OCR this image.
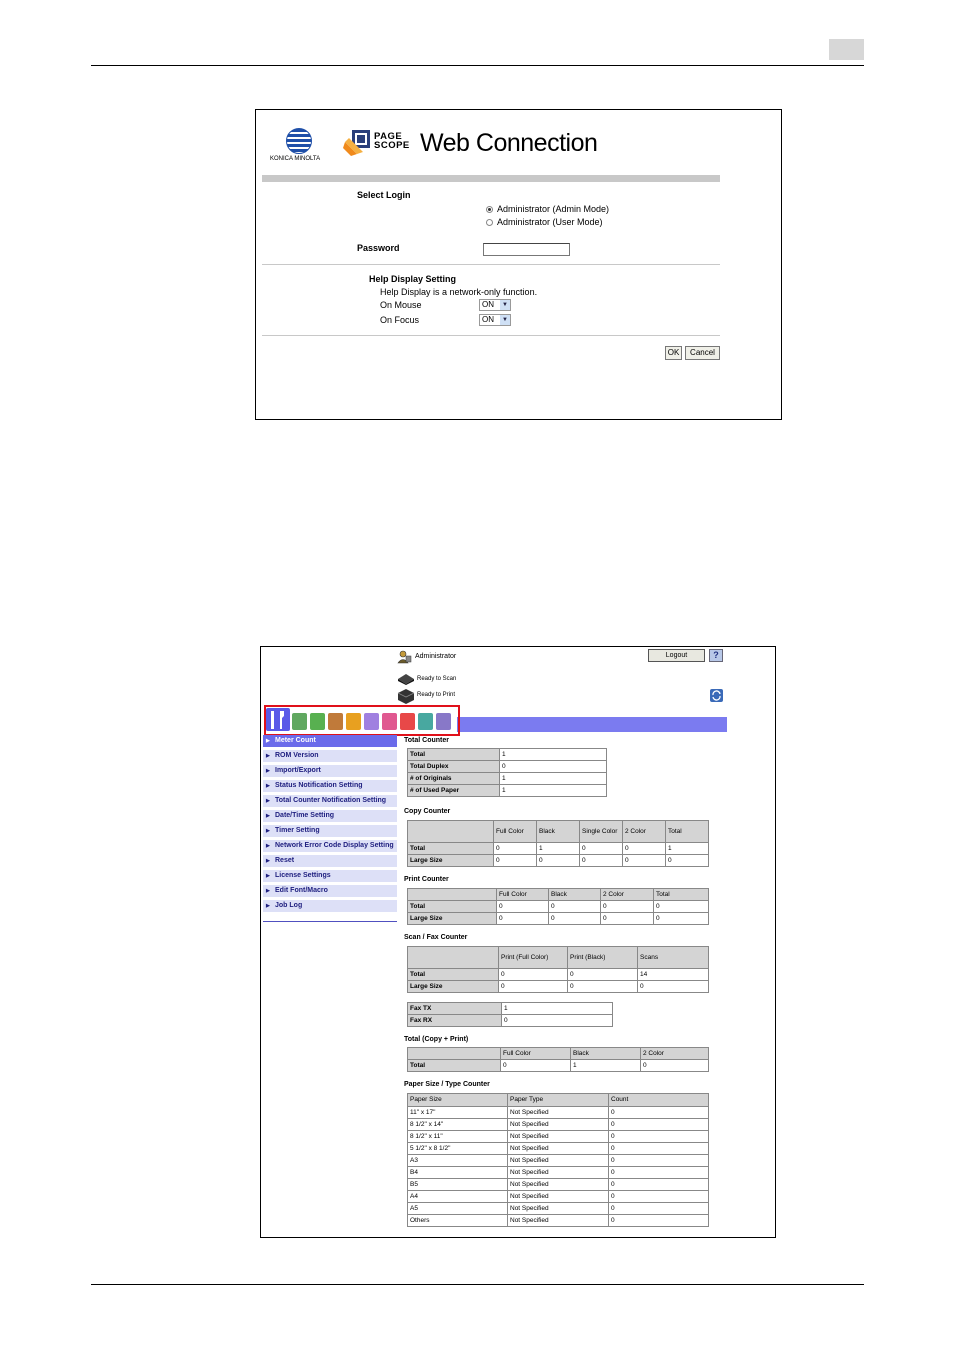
KONICA MINOLTA
PAGE
SCOPE Web Connection
Select Login
Administrator (Admin Mode)
Administrator (User Mode)
Password
Help Display Setting
Help Display is a network-only function.
On Mouse	ON	▼
On Focus	ON	▼
OK	Cancel
Administrator	Logout	?
Ready to Scan
Ready to Print
▶ Meter Count
▶ ROM Version
▶ Import/Export
▶ Status Notification Setting
▶ Total Counter Notification Setting
▶ Date/Time Setting
▶ Timer Setting
▶ Network Error Code Display Setting
▶ Reset
▶ License Settings
▶ Edit Font/Macro
▶ Job Log
Total Counter
Total	1
Total Duplex	0
# of Originals	1
# of Used Paper	1
Copy Counter
	Full Color	Black	Single Color	2 Color	Total
Total	0	1	0	0	1
Large Size	0	0	0	0	0
Print Counter
	Full Color	Black	2 Color	Total
Total	0	0	0	0
Large Size	0	0	0	0
Scan / Fax Counter
	Print (Full Color)	Print (Black)	Scans
Total	0	0	14
Large Size	0	0	0
Fax TX	1
Fax RX	0
Total (Copy + Print)
	Full Color	Black	2 Color
Total	0	1	0
Paper Size / Type Counter
Paper Size	Paper Type	Count
11" x 17"	Not Specified	0
8 1/2" x 14"	Not Specified	0
8 1/2" x 11"	Not Specified	0
5 1/2" x 8 1/2"	Not Specified	0
A3	Not Specified	0
B4	Not Specified	0
B5	Not Specified	0
A4	Not Specified	0
A5	Not Specified	0
Others	Not Specified	0
